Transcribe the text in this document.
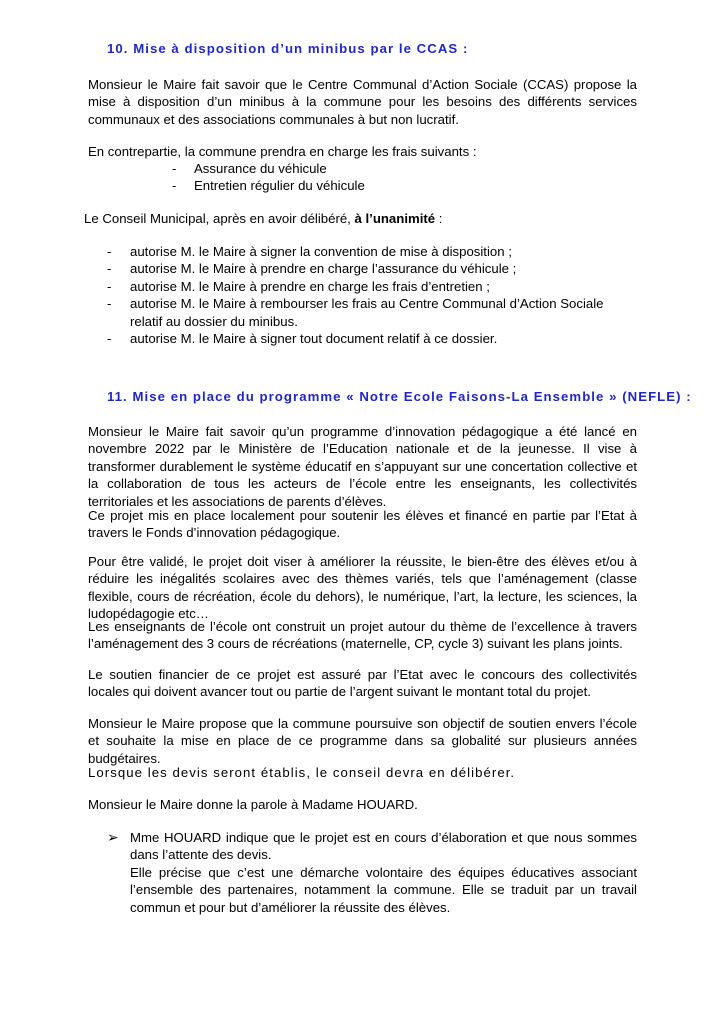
10. Mise à disposition d’un minibus par le CCAS :

Monsieur le Maire fait savoir que le Centre Communal d’Action Sociale (CCAS) propose la mise à disposition d’un minibus à la commune pour les besoins des différents services communaux et des associations communales à but non lucratif.

En contrepartie, la commune prendra en charge les frais suivants :

- Assurance du véhicule
- Entretien régulier du véhicule

Le Conseil Municipal, après en avoir délibéré, à l’unanimité :

- autorise M. le Maire à signer la convention de mise à disposition ;
- autorise M. le Maire à prendre en charge l’assurance du véhicule ;
- autorise M. le Maire à prendre en charge les frais d’entretien ;
- autorise M. le Maire à rembourser les frais au Centre Communal d’Action Sociale relatif au dossier du minibus.
- autorise M. le Maire à signer tout document relatif à ce dossier.

11. Mise en place du programme « Notre Ecole Faisons-La Ensemble » (NEFLE) :

Monsieur le Maire fait savoir qu’un programme d’innovation pédagogique a été lancé en novembre 2022 par le Ministère de l’Education nationale et de la jeunesse. Il vise à transformer durablement le système éducatif en s’appuyant sur une concertation collective et la collaboration de tous les acteurs de l’école entre les enseignants, les collectivités territoriales et les associations de parents d’élèves.

Ce projet mis en place localement pour soutenir les élèves et financé en partie par l’Etat à travers le Fonds d’innovation pédagogique.

Pour être validé, le projet doit viser à améliorer la réussite, le bien-être des élèves et/ou à réduire les inégalités scolaires avec des thèmes variés, tels que l’aménagement (classe flexible, cours de récréation, école du dehors), le numérique, l’art, la lecture, les sciences, la ludopédagogie etc…

Les enseignants de l’école ont construit un projet autour du thème de l’excellence à travers l’aménagement des 3 cours de récréations (maternelle, CP, cycle 3) suivant les plans joints.

Le soutien financier de ce projet est assuré par l’Etat avec le concours des collectivités locales qui doivent avancer tout ou partie de l’argent suivant le montant total du projet.

Monsieur le Maire propose que la commune poursuive son objectif de soutien envers l’école et souhaite la mise en place de ce programme dans sa globalité sur plusieurs années budgétaires.

Lorsque les devis seront établis, le conseil devra en délibérer.

Monsieur le Maire donne la parole à Madame HOUARD.

➢ Mme HOUARD indique que le projet est en cours d’élaboration et que nous sommes dans l’attente des devis.

Elle précise que c’est une démarche volontaire des équipes éducatives associant l’ensemble des partenaires, notamment la commune. Elle se traduit par un travail commun et pour but d’améliorer la réussite des élèves.
